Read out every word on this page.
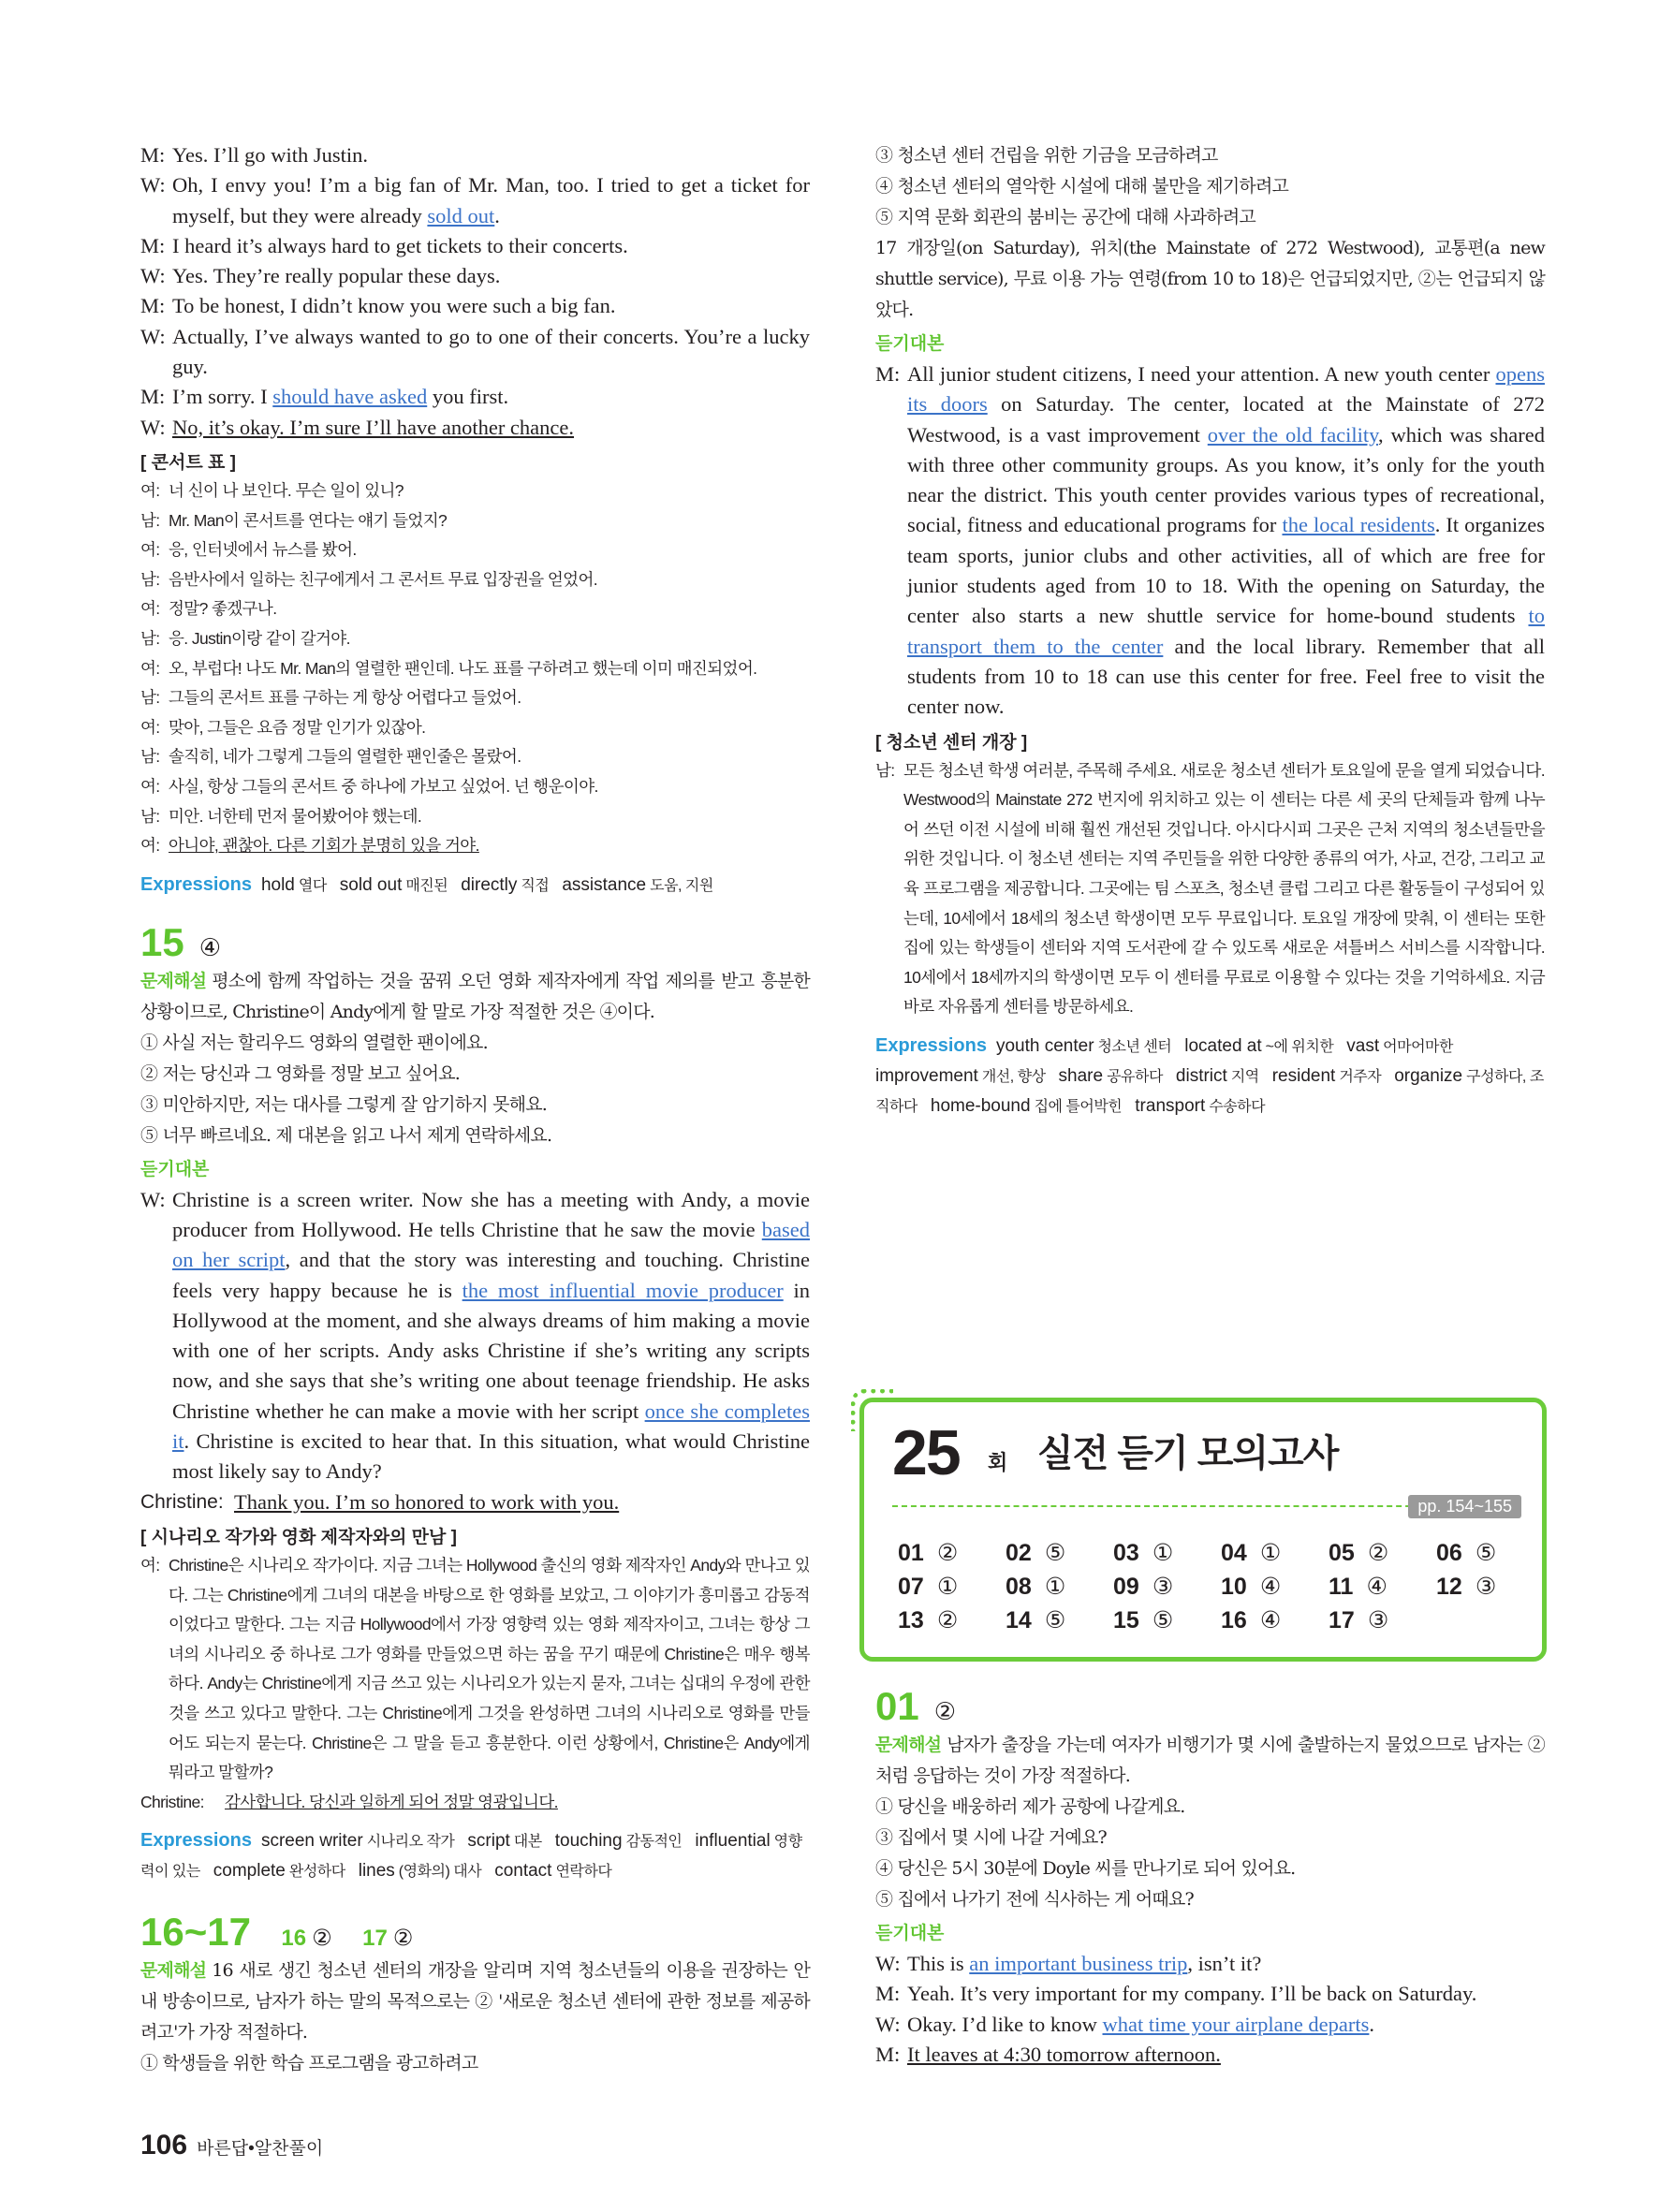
M: Yes. I’ll go with Justin.
W: Oh, I envy you! I’m a big fan of Mr. Man, too. I tried to get a ticket for myself, but they were already sold out.
M: I heard it’s always hard to get tickets to their concerts.
W: Yes. They’re really popular these days.
M: To be honest, I didn’t know you were such a big fan.
W: Actually, I’ve always wanted to go to one of their concerts. You’re a lucky guy.
M: I’m sorry. I should have asked you first.
W: No, it’s okay. I’m sure I’ll have another chance.
[ 콘서트 표 ]
여: 너 신이 나 보인다. 무슨 일이 있니?
남: Mr. Man이 콘서트를 연다는 얘기 들었지?
여: 응, 인터넷에서 뉴스를 봤어.
남: 음반사에서 일하는 친구에게서 그 콘서트 무료 입장권을 얻었어.
여: 정말? 좋겠구나.
남: 응. Justin이랑 같이 갈거야.
여: 오, 부럽다! 나도 Mr. Man의 열렬한 팬인데. 나도 표를 구하려고 했는데 이미 매진되었어.
남: 그들의 콘서트 표를 구하는 게 항상 어렵다고 들었어.
여: 맞아, 그들은 요즘 정말 인기가 있잖아.
남: 솔직히, 네가 그렇게 그들의 열렬한 팬인줄은 몰랐어.
여: 사실, 항상 그들의 콘서트 중 하나에 가보고 싶었어. 넌 행운이야.
남: 미안. 너한테 먼저 물어봤어야 했는데.
여: 아니야, 괜찮아. 다른 기회가 분명히 있을 거야.
Expressions hold 열다 sold out 매진된 directly 직접 assistance 도움, 지원
15 ④
문제해설 평소에 함께 작업하는 것을 꿈꿔 오던 영화 제작자에게 작업 제의를 받고 흥분한 상황이므로, Christine이 Andy에게 할 말로 가장 적절한 것은 ④이다.
① 사실 저는 할리우드 영화의 열렬한 팬이에요.
② 저는 당신과 그 영화를 정말 보고 싶어요.
③ 미안하지만, 저는 대사를 그렇게 잘 암기하지 못해요.
⑤ 너무 빠르네요. 제 대본을 읽고 나서 제게 연락하세요.
듣기대본
W: Christine is a screen writer. Now she has a meeting with Andy, a movie producer from Hollywood. He tells Christine that he saw the movie based on her script, and that the story was interesting and touching. Christine feels very happy because he is the most influential movie producer in Hollywood at the moment, and she always dreams of him making a movie with one of her scripts. Andy asks Christine if she’s writing any scripts now, and she says that she’s writing one about teenage friendship. He asks Christine whether he can make a movie with her script once she completes it. Christine is excited to hear that. In this situation, what would Christine most likely say to Andy?
Christine: Thank you. I’m so honored to work with you.
[ 시나리오 작가와 영화 제작자와의 만남 ]
여: Christine은 시나리오 작가이다. 지금 그녀는 Hollywood 출신의 영화 제작자인 Andy와 만나고 있다. 그는 Christine에게 그녀의 대본을 바탕으로 한 영화를 보았고, 그 이야기가 흥미롭고 감동적이었다고 말한다. 그는 지금 Hollywood에서 가장 영향력 있는 영화 제작자이고, 그녀는 항상 그녀의 시나리오 중 하나로 그가 영화를 만들었으면 하는 꿈을 꾸기 때문에 Christine은 매우 행복하다. Andy는 Christine에게 지금 쓰고 있는 시나리오가 있는지 묻자, 그녀는 십대의 우정에 관한 것을 쓰고 있다고 말한다. 그는 Christine에게 그것을 완성하면 그녀의 시나리오로 영화를 만들어도 되는지 묻는다. Christine은 그 말을 듣고 흥분한다. 이런 상황에서, Christine은 Andy에게 뭐라고 말할까?
Christine:	감사합니다. 당신과 일하게 되어 정말 영광입니다.
Expressions screen writer 시나리오 작가 script 대본 touching 감동적인 influential 영향력이 있는 complete 완성하다 lines (영화의) 대사 contact 연락하다
16~17 16 ② 17 ②
문제해설 16 새로 생긴 청소년 센터의 개장을 알리며 지역 청소년들의 이용을 권장하는 안내 방송이므로, 남자가 하는 말의 목적으로는 ② '새로운 청소년 센터에 관한 정보를 제공하려고'가 가장 적절하다.
① 학생들을 위한 학습 프로그램을 광고하려고
③ 청소년 센터 건립을 위한 기금을 모금하려고
④ 청소년 센터의 열악한 시설에 대해 불만을 제기하려고
⑤ 지역 문화 회관의 붐비는 공간에 대해 사과하려고
17 개장일(on Saturday), 위치(the Mainstate of 272 Westwood), 교통편(a new shuttle service), 무료 이용 가능 연령(from 10 to 18)은 언급되었지만, ②는 언급되지 않았다.
듣기대본
M: All junior student citizens, I need your attention. A new youth center opens its doors on Saturday. The center, located at the Mainstate of 272 Westwood, is a vast improvement over the old facility, which was shared with three other community groups. As you know, it’s only for the youth near the district. This youth center provides various types of recreational, social, fitness and educational programs for the local residents. It organizes team sports, junior clubs and other activities, all of which are free for junior students aged from 10 to 18. With the opening on Saturday, the center also starts a new shuttle service for home-bound students to transport them to the center and the local library. Remember that all students from 10 to 18 can use this center for free. Feel free to visit the center now.
[ 청소년 센터 개장 ]
남: 모든 청소년 학생 여러분, 주목해 주세요. 새로운 청소년 센터가 토요일에 문을 열게 되었습니다. Westwood의 Mainstate 272 번지에 위치하고 있는 이 센터는 다른 세 곳의 단체들과 함께 나누어 쓰던 이전 시설에 비해 훨씬 개선된 것입니다. 아시다시피 그곳은 근처 지역의 청소년들만을 위한 것입니다. 이 청소년 센터는 지역 주민들을 위한 다양한 종류의 여가, 사교, 건강, 그리고 교육 프로그램을 제공합니다. 그곳에는 팀 스포츠, 청소년 클럽 그리고 다른 활동들이 구성되어 있는데, 10세에서 18세의 청소년 학생이면 모두 무료입니다. 토요일 개장에 맞춰, 이 센터는 또한 집에 있는 학생들이 센터와 지역 도서관에 갈 수 있도록 새로운 셔틀버스 서비스를 시작합니다. 10세에서 18세까지의 학생이면 모두 이 센터를 무료로 이용할 수 있다는 것을 기억하세요. 지금 바로 자유롭게 센터를 방문하세요.
Expressions youth center 청소년 센터 located at ~에 위치한 vast 어마어마한improvement 개선, 향상 share 공유하다 district 지역 resident 거주자 organize 구성하다, 조직하다 home-bound 집에 틀어박힌 transport 수송하다
25 회 실전 듣기 모의고사
pp. 154~155
01 ②	02 ⑤	03 ①	04 ①	05 ②	06 ⑤
07 ①	08 ①	09 ③	10 ④	11 ④	12 ③
13 ②	14 ⑤	15 ⑤	16 ④	17 ③
01 ②
문제해설 남자가 출장을 가는데 여자가 비행기가 몇 시에 출발하는지 물었으므로 남자는 ②처럼 응답하는 것이 가장 적절하다.
① 당신을 배웅하러 제가 공항에 나갈게요.
③ 집에서 몇 시에 나갈 거예요?
④ 당신은 5시 30분에 Doyle 씨를 만나기로 되어 있어요.
⑤ 집에서 나가기 전에 식사하는 게 어때요?
듣기대본
W: This is an important business trip, isn’t it?
M: Yeah. It’s very important for my company. I’ll be back on Saturday.
W: Okay. I’d like to know what time your airplane departs.
M: It leaves at 4:30 tomorrow afternoon.
106 바른답•알찬풀이
